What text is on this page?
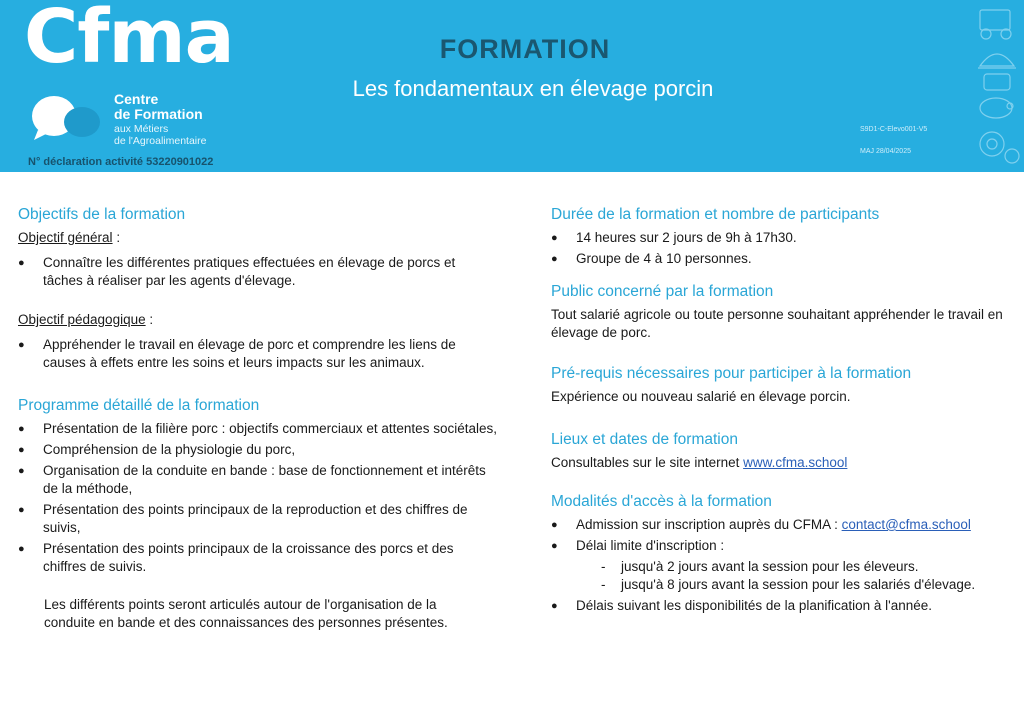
Cfma
Centre
de Formation
aux Métiers
de l'Agroalimentaire
N° déclaration activité 53220901022
FORMATION
Les fondamentaux en élevage porcin
S9D1-C-Elevo001-V5
MAJ 28/04/2025
Objectifs de la formation

Objectif général :

● Connaître les différentes pratiques effectuées en élevage de porcs et tâches à réaliser par les agents d'élevage.

Objectif pédagogique :

● Appréhender le travail en élevage de porc et comprendre les liens de causes à effets entre les soins et leurs impacts sur les animaux.
Programme détaillé de la formation
● Présentation de la filière porc : objectifs commerciaux et attentes sociétales,
● Compréhension de la physiologie du porc,
● Organisation de la conduite en bande : base de fonctionnement et intérêts de la méthode,
● Présentation des points principaux de la reproduction et des chiffres de suivis,
● Présentation des points principaux de la croissance des porcs et des chiffres de suivis.

Les différents points seront articulés autour de l'organisation de la conduite en bande et des connaissances des personnes présentes.

Durée de la formation et nombre de participants
● 14 heures sur 2 jours de 9h à 17h30.
● Groupe de 4 à 10 personnes.
Public concerné par la formation

Tout salarié agricole ou toute personne souhaitant appréhender le travail en élevage de porc.

Pré-requis nécessaires pour participer à la formation

Expérience ou nouveau salarié en élevage porcin.

Lieux et dates de formation

Consultables sur le site internet www.cfma.school

Modalités d'accès à la formation
● Admission sur inscription auprès du CFMA : contact@cfma.school
● Délai limite d'inscription :
- jusqu'à 2 jours avant la session pour les éleveurs.
- jusqu'à 8 jours avant la session pour les salariés d'élevage.
● Délais suivant les disponibilités de la planification à l'année.
